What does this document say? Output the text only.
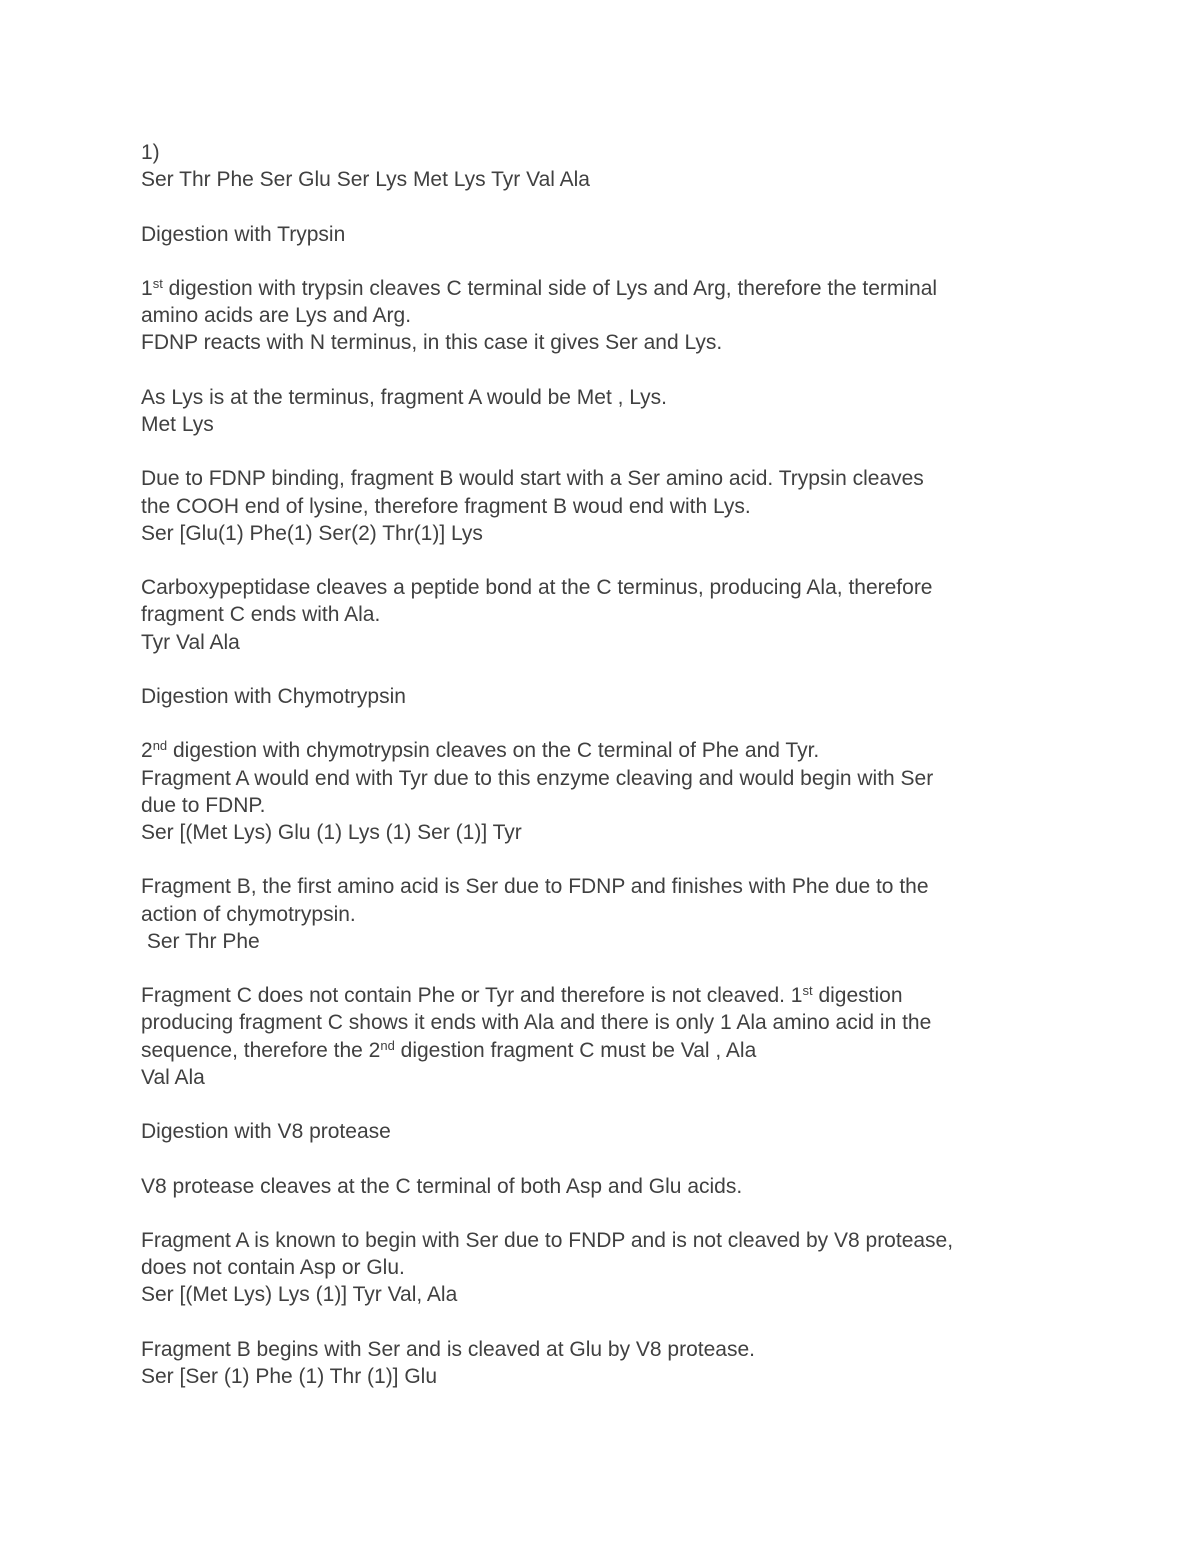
1)
Ser Thr Phe Ser Glu Ser Lys Met Lys Tyr Val Ala
Digestion with Trypsin
1st digestion with trypsin cleaves C terminal side of Lys and Arg, therefore the terminal
amino acids are Lys and Arg.
FDNP reacts with N terminus, in this case it gives Ser and Lys.
As Lys is at the terminus, fragment A would be Met , Lys.
Met Lys
Due to FDNP binding, fragment B would start with a Ser amino acid. Trypsin cleaves
the COOH end of lysine, therefore fragment B woud end with Lys.
Ser [Glu(1) Phe(1) Ser(2) Thr(1)] Lys
Carboxypeptidase cleaves a peptide bond at the C terminus, producing Ala, therefore
fragment C ends with Ala.
Tyr Val Ala
Digestion with Chymotrypsin
2nd digestion with chymotrypsin cleaves on the C terminal of Phe and Tyr.
Fragment A would end with Tyr due to this enzyme cleaving and would begin with Ser
due to FDNP.
Ser [(Met Lys) Glu (1) Lys (1) Ser (1)] Tyr
Fragment B, the first amino acid is Ser due to FDNP and finishes with Phe due to the
action of chymotrypsin.
Ser Thr Phe
Fragment C does not contain Phe or Tyr and therefore is not cleaved. 1st digestion
producing fragment C shows it ends with Ala and there is only 1 Ala amino acid in the
sequence, therefore the 2nd digestion fragment C must be Val , Ala
Val Ala
Digestion with V8 protease
V8 protease cleaves at the C terminal of both Asp and Glu acids.
Fragment A is known to begin with Ser due to FNDP and is not cleaved by V8 protease,
does not contain Asp or Glu.
Ser [(Met Lys) Lys (1)] Tyr Val, Ala
Fragment B begins with Ser and is cleaved at Glu by V8 protease.
Ser [Ser (1) Phe (1) Thr (1)] Glu
